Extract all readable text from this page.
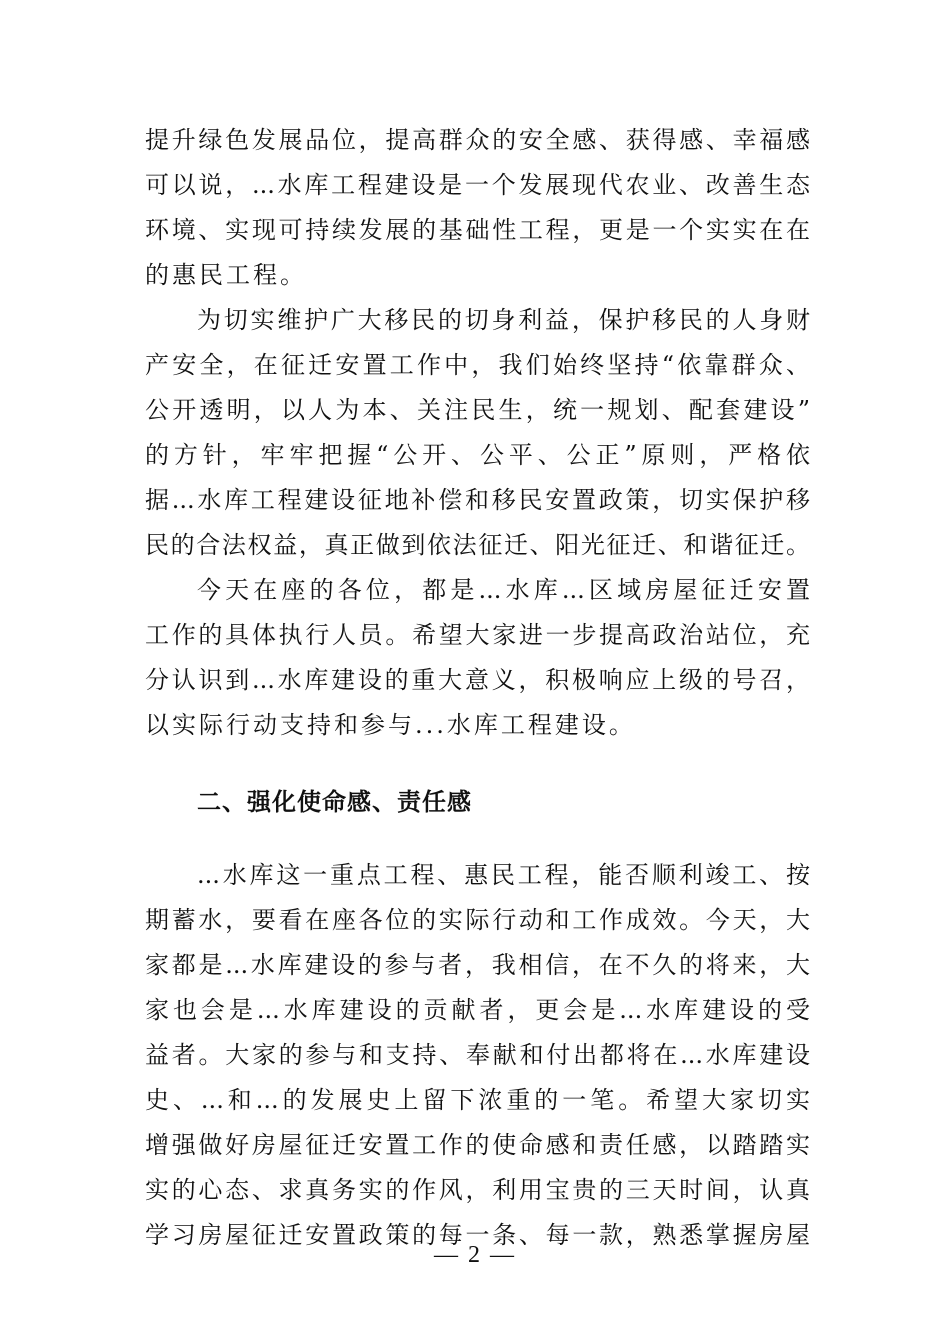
提升绿色发展品位，提高群众的安全感、获得感、幸福感
可以说，...水库工程建设是一个发展现代农业、改善生态
环境、实现可持续发展的基础性工程，更是一个实实在在
的惠民工程。
为切实维护广大移民的切身利益，保护移民的人身财
产安全，在征迁安置工作中，我们始终坚持“依靠群众、
公开透明，以人为本、关注民生，统一规划、配套建设”
的方针，牢牢把握“公开、公平、公正”原则，严格依
据...水库工程建设征地补偿和移民安置政策，切实保护移
民的合法权益，真正做到依法征迁、阳光征迁、和谐征迁。
今天在座的各位，都是...水库...区域房屋征迁安置
工作的具体执行人员。希望大家进一步提高政治站位，充
分认识到...水库建设的重大意义，积极响应上级的号召，
以实际行动支持和参与...水库工程建设。
二、强化使命感、责任感
...水库这一重点工程、惠民工程，能否顺利竣工、按
期蓄水，要看在座各位的实际行动和工作成效。今天，大
家都是...水库建设的参与者，我相信，在不久的将来，大
家也会是...水库建设的贡献者，更会是...水库建设的受
益者。大家的参与和支持、奉献和付出都将在...水库建设
史、...和...的发展史上留下浓重的一笔。希望大家切实
增强做好房屋征迁安置工作的使命感和责任感，以踏踏实
实的心态、求真务实的作风，利用宝贵的三天时间，认真
学习房屋征迁安置政策的每一条、每一款，熟悉掌握房屋
— 2 —
